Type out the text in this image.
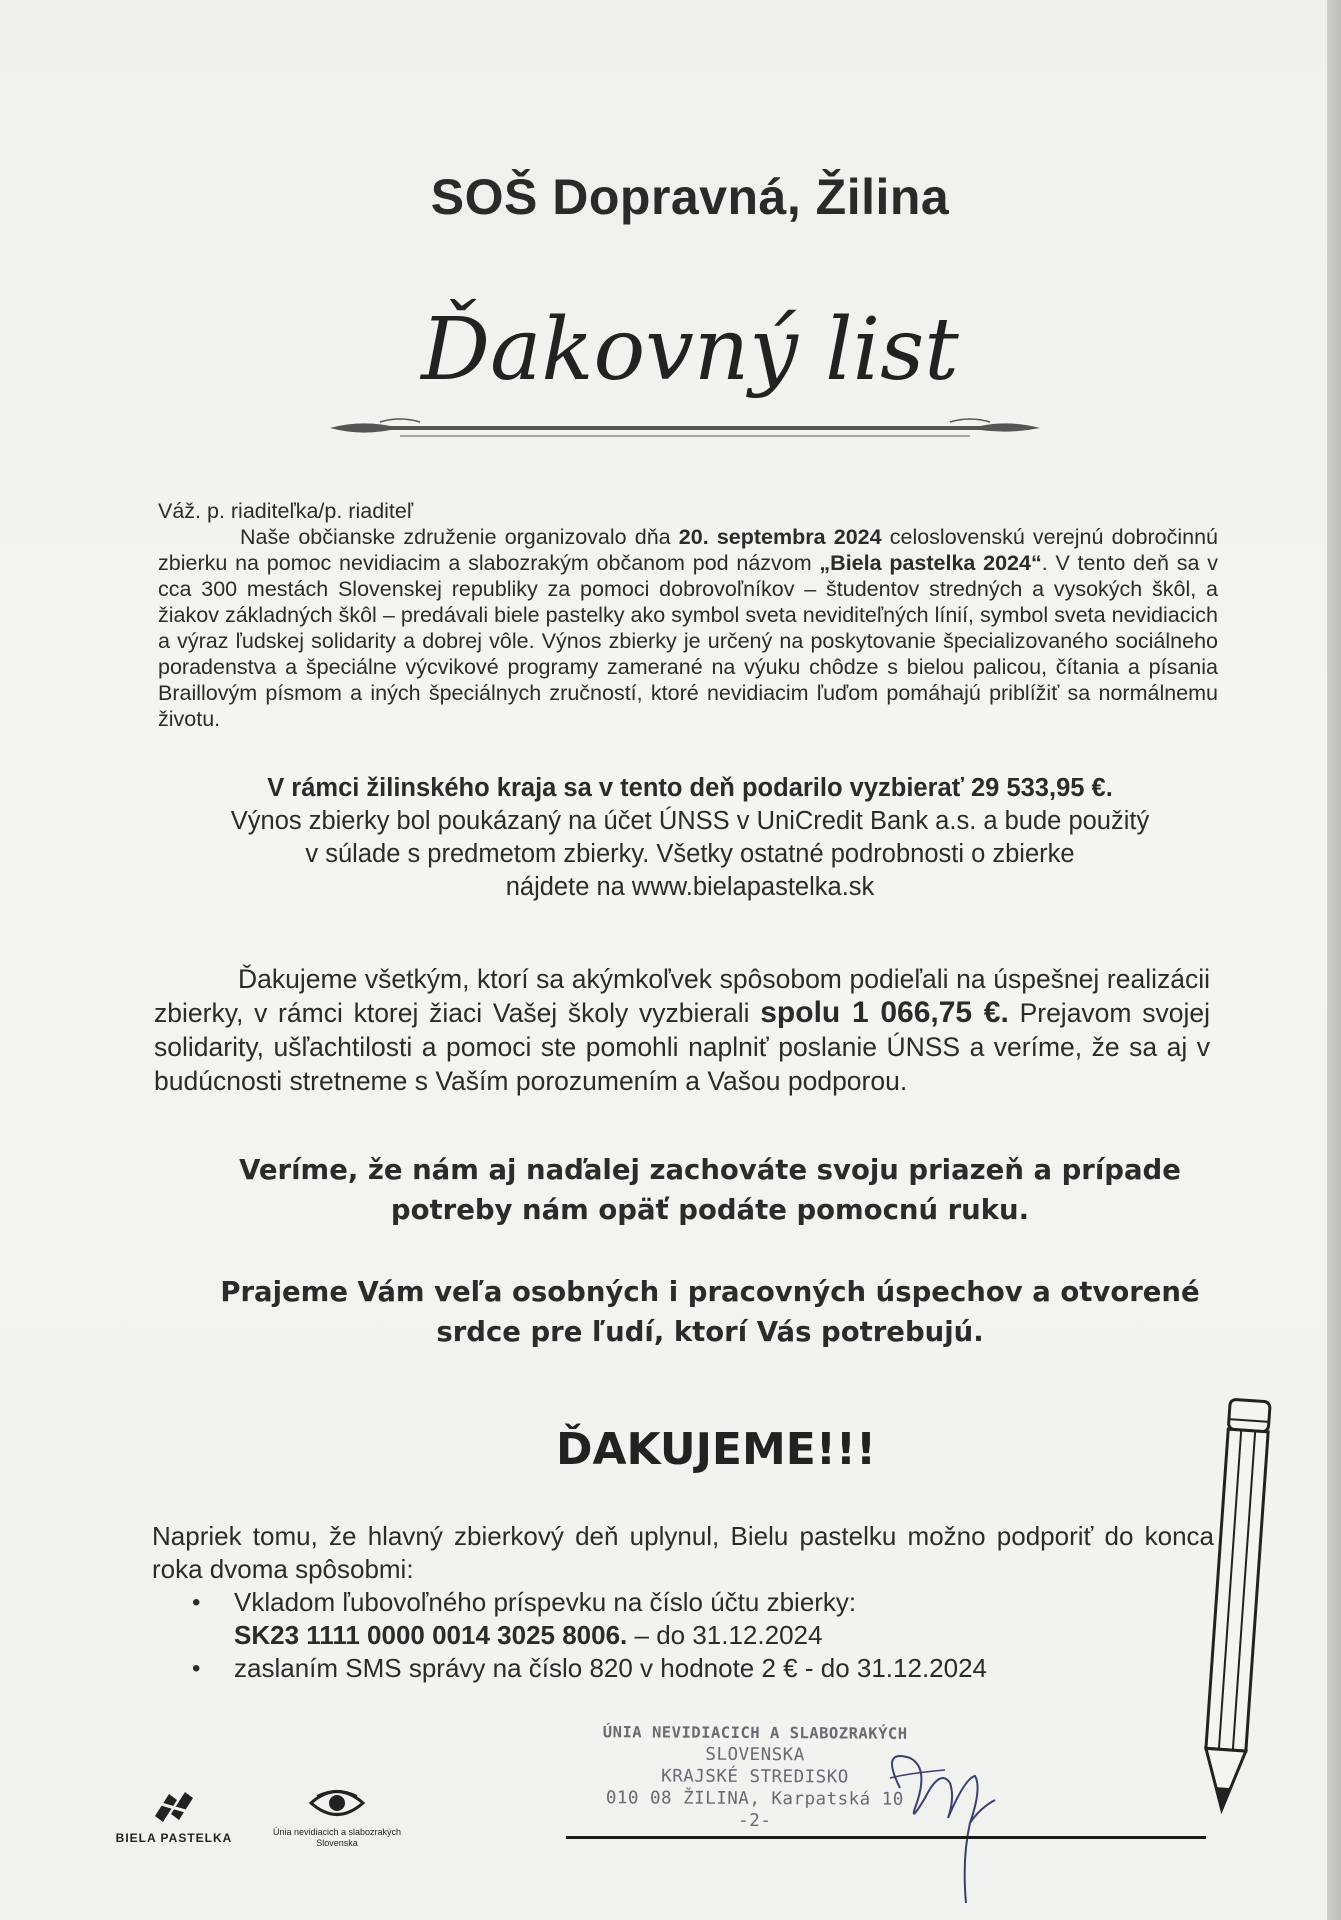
SOŠ Dopravná, Žilina
Ďakovný list

Váž. p. riaditeľka/p. riaditeľ

Naše občianske združenie organizovalo dňa 20. septembra 2024 celoslovenskú verejnú dobročinnú zbierku na pomoc nevidiacim a slabozrakým občanom pod názvom „Biela pastelka 2024“. V tento deň sa v cca 300 mestách Slovenskej republiky za pomoci dobrovoľníkov – študentov stredných a vysokých škôl, a žiakov základných škôl – predávali biele pastelky ako symbol sveta neviditeľných línií, symbol sveta nevidiacich a výraz ľudskej solidarity a dobrej vôle. Výnos zbierky je určený na poskytovanie špecializovaného sociálneho poradenstva a špeciálne výcvikové programy zamerané na výuku chôdze s bielou palicou, čítania a písania Braillovým písmom a iných špeciálnych zručností, ktoré nevidiacim ľuďom pomáhajú priblížiť sa normálnemu životu.

V rámci žilinského kraja sa v tento deň podarilo vyzbierať 29 533,95 €.
Výnos zbierky bol poukázaný na účet ÚNSS v UniCredit Bank a.s. a bude použitý
v súlade s predmetom zbierky. Všetky ostatné podrobnosti o zbierke
nájdete na www.bielapastelka.sk
Ďakujeme všetkým, ktorí sa akýmkoľvek spôsobom podieľali na úspešnej realizácii zbierky, v rámci ktorej žiaci Vašej školy vyzbierali spolu 1 066,75 €. Prejavom svojej solidarity, ušľachtilosti a pomoci ste pomohli naplniť poslanie ÚNSS a veríme, že sa aj v budúcnosti stretneme s Vaším porozumením a Vašou podporou.
Veríme, že nám aj naďalej zachováte svoju priazeň a prípade
potreby nám opäť podáte pomocnú ruku.
Prajeme Vám veľa osobných i pracovných úspechov a otvorené
srdce pre ľudí, ktorí Vás potrebujú.
ĎAKUJEME!!!
Napriek tomu, že hlavný zbierkový deň uplynul, Bielu pastelku možno podporiť do konca roka dvoma spôsobmi:
• Vkladom ľubovoľného príspevku na číslo účtu zbierky:
SK23 1111 0000 0014 3025 8006. – do 31.12.2024
• zaslaním SMS správy na číslo 820 v hodnote 2 € - do 31.12.2024
ÚNIA NEVIDIACICH A SLABOZRAKÝCH
SLOVENSKA
KRAJSKÉ STREDISKO
010 08 ŽILINA, Karpatská 10
-2-
BIELA PASTELKA	Únia nevidiacich a slabozrakých
Slovenska
